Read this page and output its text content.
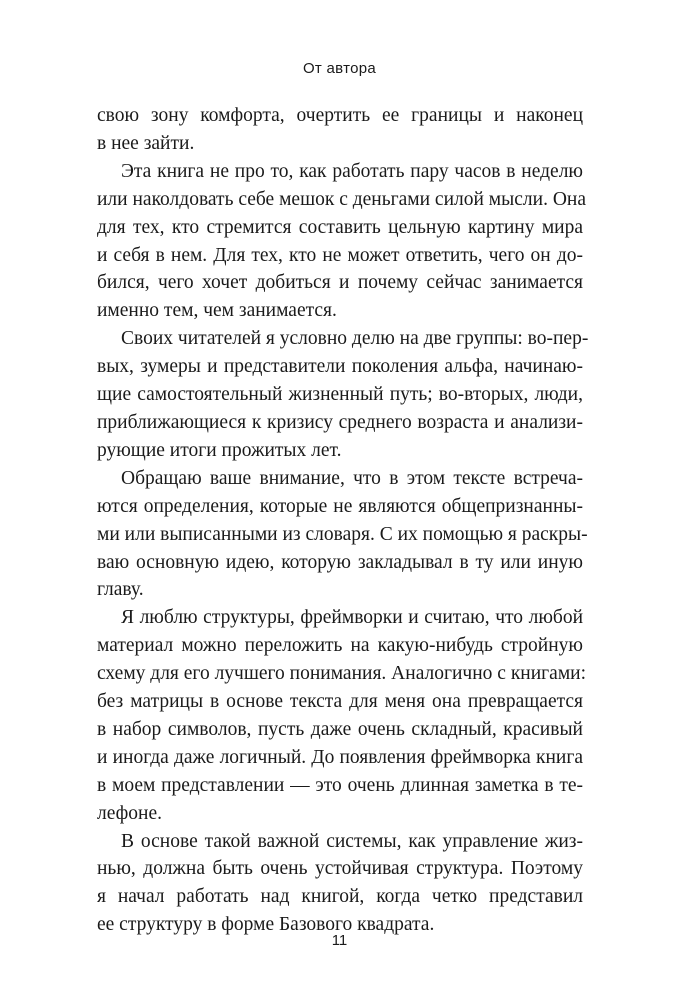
От автора
свою зону комфорта, очертить ее границы и наконец
в нее зайти.
Эта книга не про то, как работать пару часов в неделю
или наколдовать себе мешок с деньгами силой мысли. Она
для тех, кто стремится составить цельную картину мира
и себя в нем. Для тех, кто не может ответить, чего он до-
бился, чего хочет добиться и почему сейчас занимается
именно тем, чем занимается.
Своих читателей я условно делю на две группы: во-пер-
вых, зумеры и представители поколения альфа, начинаю-
щие самостоятельный жизненный путь; во-вторых, люди,
приближающиеся к кризису среднего возраста и анализи-
рующие итоги прожитых лет.
Обращаю ваше внимание, что в этом тексте встреча-
ются определения, которые не являются общепризнанны-
ми или выписанными из словаря. С их помощью я раскры-
ваю основную идею, которую закладывал в ту или иную
главу.
Я люблю структуры, фреймворки и считаю, что любой
материал можно переложить на какую-нибудь стройную
схему для его лучшего понимания. Аналогично с книгами:
без матрицы в основе текста для меня она превращается
в набор символов, пусть даже очень складный, красивый
и иногда даже логичный. До появления фреймворка книга
в моем представлении — это очень длинная заметка в те-
лефоне.
В основе такой важной системы, как управление жиз-
нью, должна быть очень устойчивая структура. Поэтому
я начал работать над книгой, когда четко представил
ее структуру в форме Базового квадрата.
11
